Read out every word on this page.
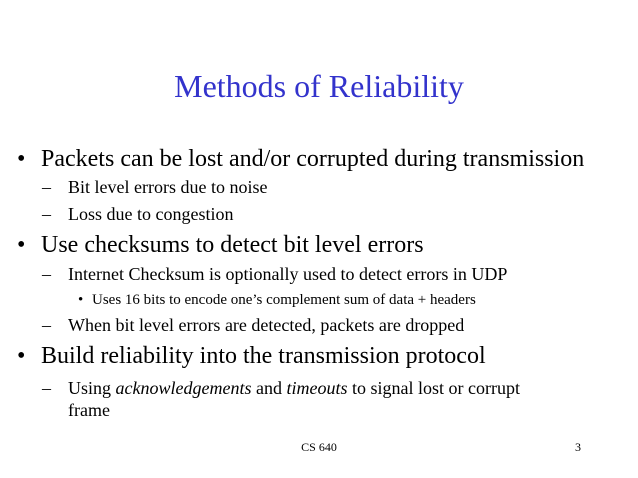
Methods of Reliability
• Packets can be lost and/or corrupted during transmission
– Bit level errors due to noise
– Loss due to congestion
• Use checksums to detect bit level errors
– Internet Checksum is optionally used to detect errors in UDP
• Uses 16 bits to encode one’s complement sum of data + headers
– When bit level errors are detected, packets are dropped
• Build reliability into the transmission protocol
– Using acknowledgements and timeouts to signal lost or corrupt
frame
CS 640	3
